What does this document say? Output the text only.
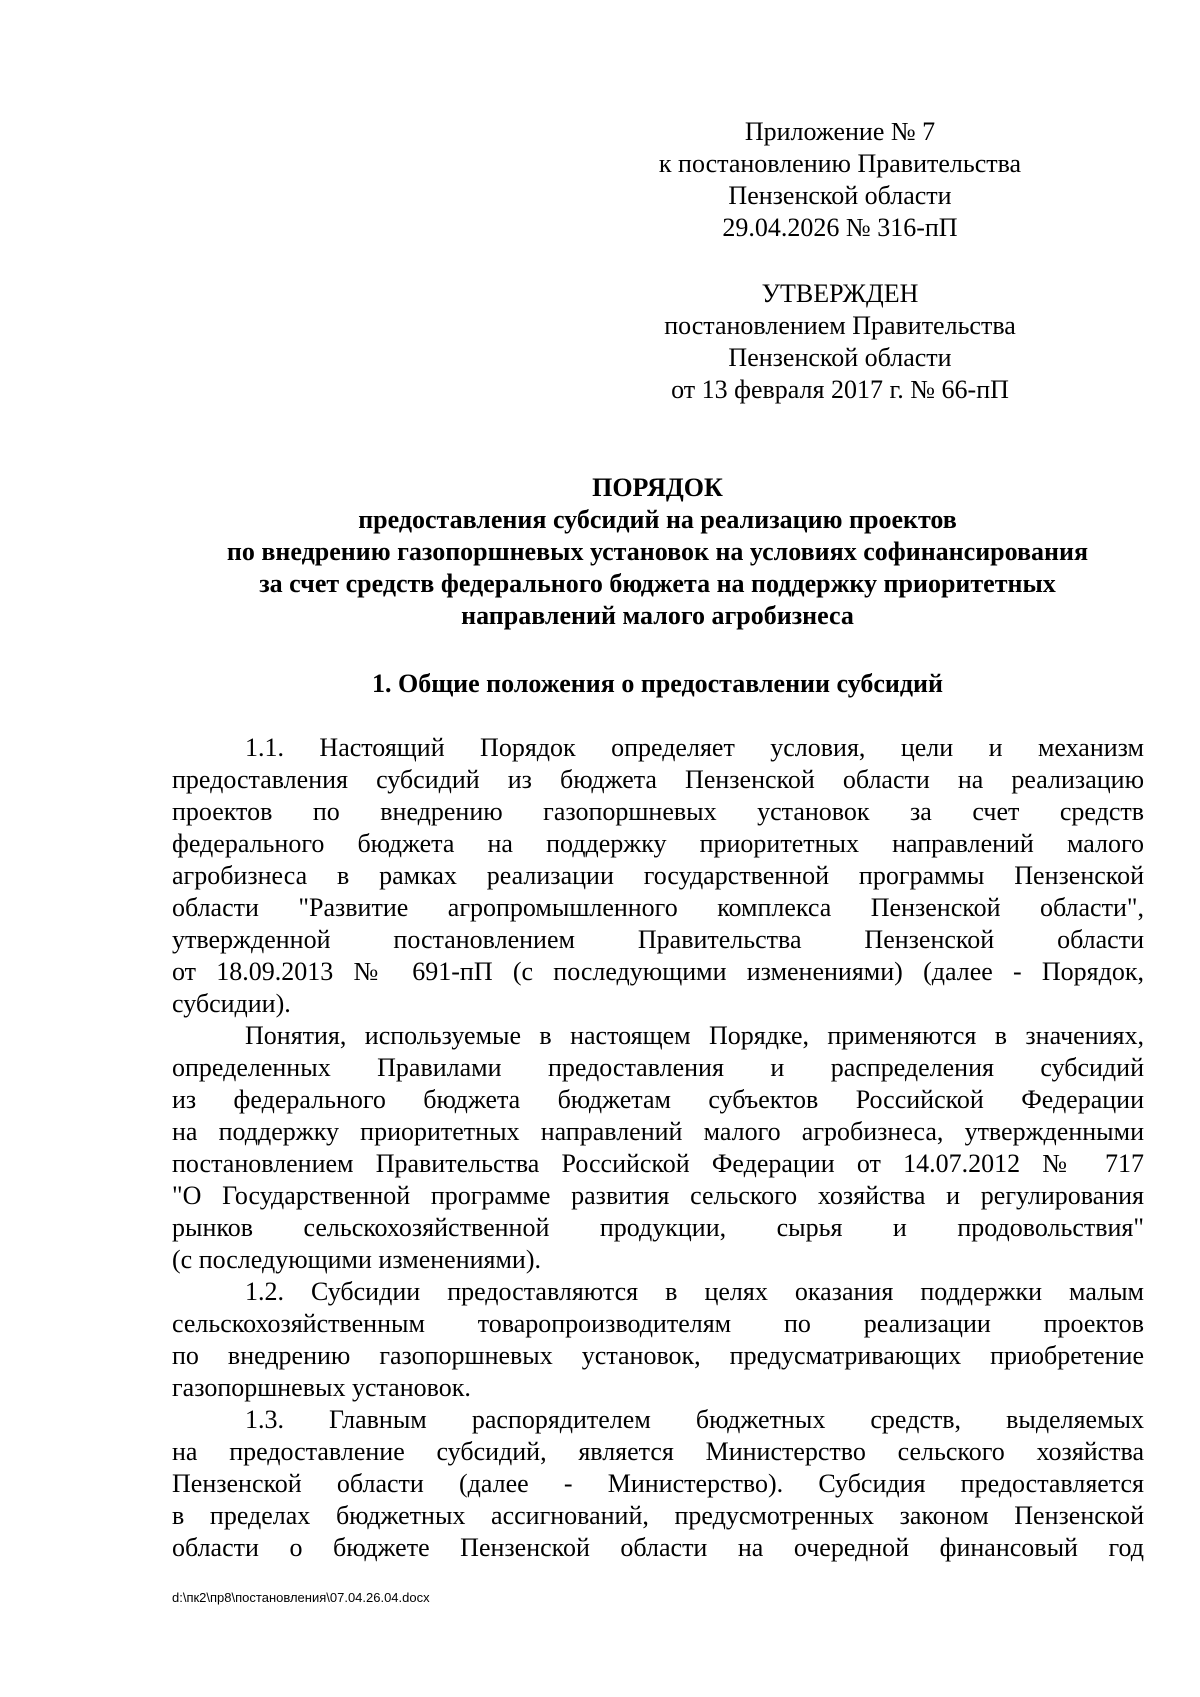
Приложение № 7
к постановлению Правительства
Пензенской области
29.04.2026 № 316-пП
УТВЕРЖДЕН
постановлением Правительства
Пензенской области
от 13 февраля 2017 г. № 66-пП
ПОРЯДОК
предоставления субсидий на реализацию проектов
по внедрению газопоршневых установок на условиях софинансирования
за счет средств федерального бюджета на поддержку приоритетных
направлений малого агробизнеса
1. Общие положения о предоставлении субсидий

1.1. Настоящий Порядок определяет условия, цели и механизм
предоставления субсидий из бюджета Пензенской области на реализацию
проектов по внедрению газопоршневых установок за счет средств
федерального бюджета на поддержку приоритетных направлений малого
агробизнеса в рамках реализации государственной программы Пензенской
области "Развитие агропромышленного комплекса Пензенской области",
утвержденной постановлением Правительства Пензенской области
от 18.09.2013 № 691-пП (с последующими изменениями) (далее - Порядок,
субсидии).

Понятия, используемые в настоящем Порядке, применяются в значениях,
определенных Правилами предоставления и распределения субсидий
из федерального бюджета бюджетам субъектов Российской Федерации
на поддержку приоритетных направлений малого агробизнеса, утвержденными
постановлением Правительства Российской Федерации от 14.07.2012 № 717
"О Государственной программе развития сельского хозяйства и регулирования
рынков сельскохозяйственной продукции, сырья и продовольствия"
(с последующими изменениями).

1.2. Субсидии предоставляются в целях оказания поддержки малым
сельскохозяйственным товаропроизводителям по реализации проектов
по внедрению газопоршневых установок, предусматривающих приобретение
газопоршневых установок.

1.3. Главным распорядителем бюджетных средств, выделяемых
на предоставление субсидий, является Министерство сельского хозяйства
Пензенской области (далее - Министерство). Субсидия предоставляется
в пределах бюджетных ассигнований, предусмотренных законом Пензенской
области о бюджете Пензенской области на очередной финансовый год

d:\пк2\пр8\постановления\07.04.26.04.docx
